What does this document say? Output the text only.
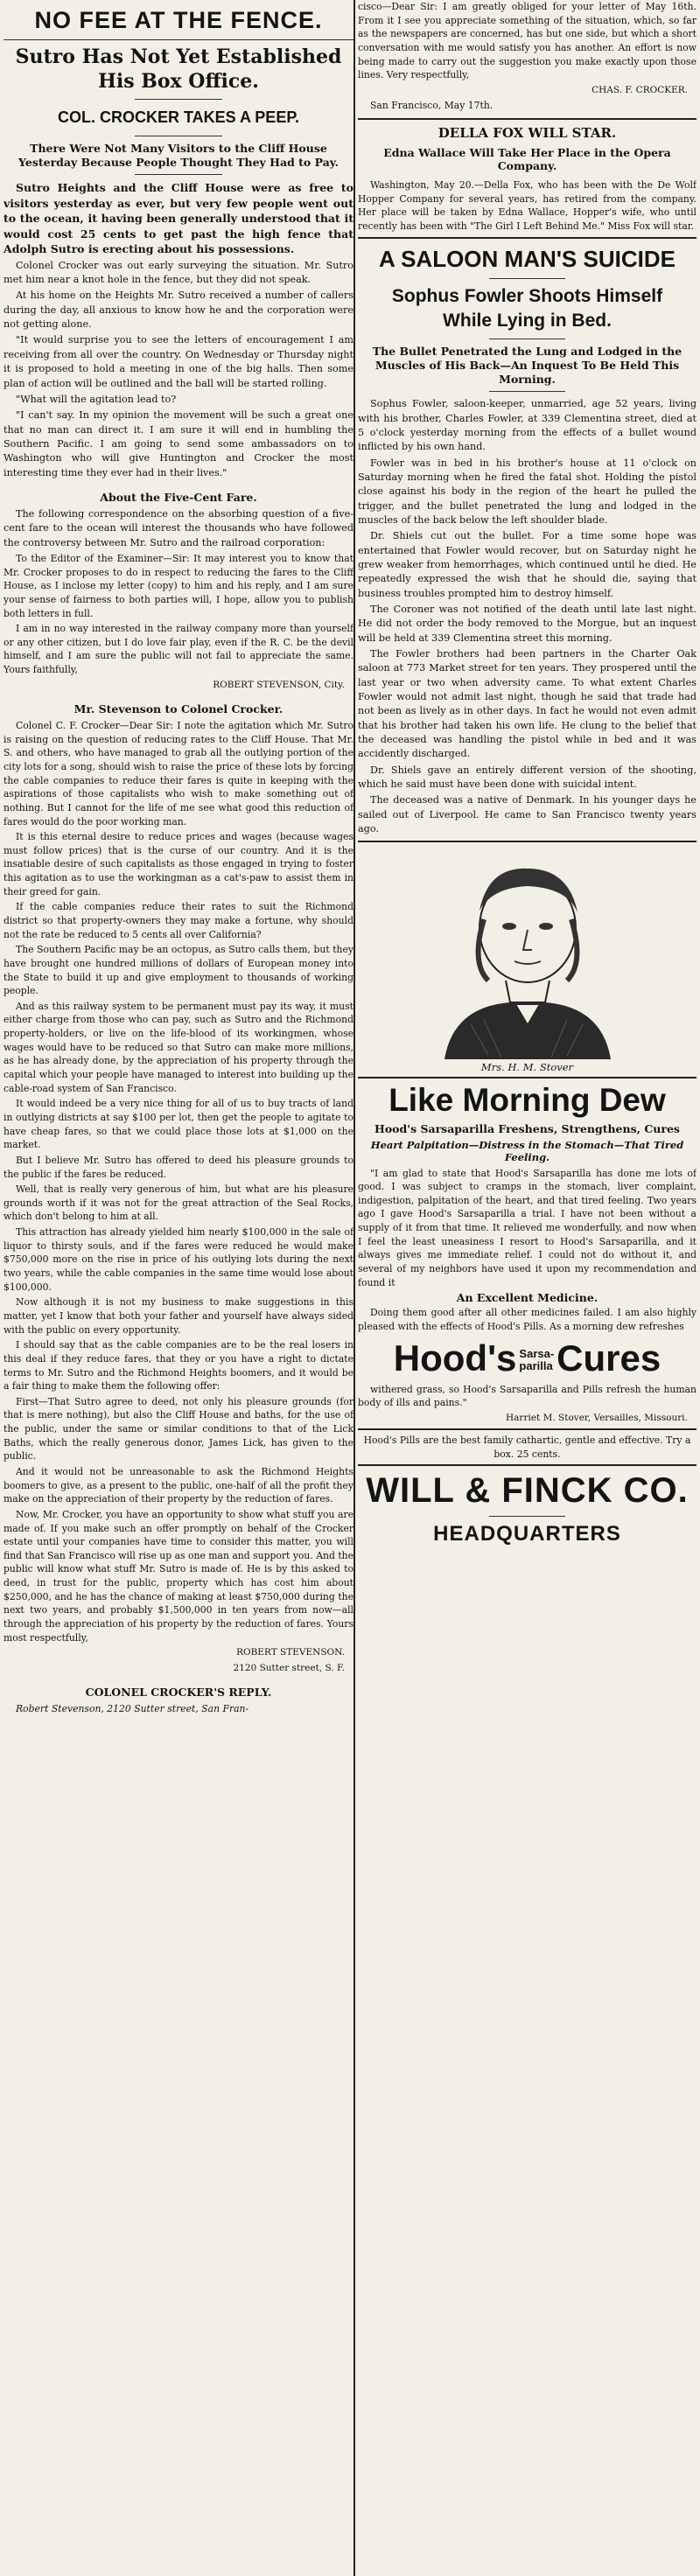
NO FEE AT THE FENCE.
Sutro Has Not Yet Established His Box Office.
COL. CROCKER TAKES A PEEP.
There Were Not Many Visitors to the Cliff House Yesterday Because People Thought They Had to Pay.

Sutro Heights and the Cliff House were as free to visitors yesterday as ever, but very few people went out to the ocean, it having been generally understood that it would cost 25 cents to get past the high fence that Adolph Sutro is erecting about his possessions.

Colonel Crocker was out early surveying the situation. Mr. Sutro met him near a knot hole in the fence, but they did not speak.

At his home on the Heights Mr. Sutro received a number of callers during the day, all anxious to know how he and the corporation were not getting alone.

"It would surprise you to see the letters of encouragement I am receiving from all over the country. On Wednesday or Thursday night it is proposed to hold a meeting in one of the big halls. Then some plan of action will be outlined and the ball will be started rolling.

"What will the agitation lead to?

"I can't say. In my opinion the movement will be such a great one that no man can direct it. I am sure it will end in humbling the Southern Pacific. I am going to send some ambassadors on to Washington who will give Huntington and Crocker the most interesting time they ever had in their lives."

About the Five-Cent Fare.

The following correspondence on the absorbing question of a five-cent fare to the ocean will interest the thousands who have followed the controversy between Mr. Sutro and the railroad corporation:

To the Editor of the Examiner—Sir: It may interest you to know that Mr. Crocker proposes to do in respect to reducing the fares to the Cliff House, as I inclose my letter (copy) to him and his reply, and I am sure your sense of fairness to both parties will, I hope, allow you to publish both letters in full.

I am in no way interested in the railway company more than yourself or any other citizen, but I do love fair play, even if the R. C. be the devil himself, and I am sure the public will not fail to appreciate the same. Yours faithfully,

ROBERT STEVENSON, City.

Mr. Stevenson to Colonel Crocker.

Colonel C. F. Crocker—Dear Sir: I note the agitation which Mr. Sutro is raising on the question of reducing rates to the Cliff House. That Mr. S. and others, who have managed to grab all the outlying portion of the city lots for a song, should wish to raise the price of these lots by forcing the cable companies to reduce their fares is quite in keeping with the aspirations of those capitalists who wish to make something out of nothing. But I cannot for the life of me see what good this reduction of fares would do the poor working man.

It is this eternal desire to reduce prices and wages (because wages must follow prices) that is the curse of our country. And it is the insatiable desire of such capitalists as those engaged in trying to foster this agitation as to use the workingman as a cat's-paw to assist them in their greed for gain.

If the cable companies reduce their rates to suit the Richmond district so that property-owners they may make a fortune, why should not the rate be reduced to 5 cents all over California?

The Southern Pacific may be an octopus, as Sutro calls them, but they have brought one hundred millions of dollars of European money into the State to build it up and give employment to thousands of working people.

And as this railway system to be permanent must pay its way, it must either charge from those who can pay, such as Sutro and the Richmond property-holders, or live on the life-blood of its workingmen, whose wages would have to be reduced so that Sutro can make more millions, as he has already done, by the appreciation of his property through the capital which your people have managed to interest into building up the cable-road system of San Francisco.

It would indeed be a very nice thing for all of us to buy tracts of land in outlying districts at say $100 per lot, then get the people to agitate to have cheap fares, so that we could place those lots at $1,000 on the market.

But I believe Mr. Sutro has offered to deed his pleasure grounds to the public if the fares be reduced.

Well, that is really very generous of him, but what are his pleasure grounds worth if it was not for the great attraction of the Seal Rocks, which don't belong to him at all.

This attraction has already yielded him nearly $100,000 in the sale of liquor to thirsty souls, and if the fares were reduced he would make $750,000 more on the rise in price of his outlying lots during the next two years, while the cable companies in the same time would lose about $100,000.

Now although it is not my business to make suggestions in this matter, yet I know that both your father and yourself have always sided with the public on every opportunity.

I should say that as the cable companies are to be the real losers in this deal if they reduce fares, that they or you have a right to dictate terms to Mr. Sutro and the Richmond Heights boomers, and it would be a fair thing to make them the following offer:

First—That Sutro agree to deed, not only his pleasure grounds (for that is mere nothing), but also the Cliff House and baths, for the use of the public, under the same or similar conditions to that of the Lick Baths, which the really generous donor, James Lick, has given to the public.

And it would not be unreasonable to ask the Richmond Heights boomers to give, as a present to the public, one-half of all the profit they make on the appreciation of their property by the reduction of fares.

Now, Mr. Crocker, you have an opportunity to show what stuff you are made of. If you make such an offer promptly on behalf of the Crocker estate until your companies have time to consider this matter, you will find that San Francisco will rise up as one man and support you. And the public will know what stuff Mr. Sutro is made of. He is by this asked to deed, in trust for the public, property which has cost him about $250,000, and he has the chance of making at least $750,000 during the next two years, and probably $1,500,000 in ten years from now—all through the appreciation of his property by the reduction of fares. Yours most respectfully,

ROBERT STEVENSON.

2120 Sutter street, S. F.

COLONEL CROCKER'S REPLY.

Robert Stevenson, 2120 Sutter street, San Fran-

cisco—Dear Sir: I am greatly obliged for your letter of May 16th. From it I see you appreciate something of the situation, which, so far as the newspapers are concerned, has but one side, but which a short conversation with me would satisfy you has another. An effort is now being made to carry out the suggestion you make exactly upon those lines. Very respectfully,

CHAS. F. CROCKER.

San Francisco, May 17th.

DELLA FOX WILL STAR.
Edna Wallace Will Take Her Place in the Opera Company.

Washington, May 20.—Della Fox, who has been with the De Wolf Hopper Company for several years, has retired from the company. Her place will be taken by Edna Wallace, Hopper's wife, who until recently has been with "The Girl I Left Behind Me." Miss Fox will star.

A SALOON MAN'S SUICIDE
Sophus Fowler Shoots Himself While Lying in Bed.
The Bullet Penetrated the Lung and Lodged in the Muscles of His Back—An Inquest To Be Held This Morning.

Sophus Fowler, saloon-keeper, unmarried, age 52 years, living with his brother, Charles Fowler, at 339 Clementina street, died at 5 o'clock yesterday morning from the effects of a bullet wound inflicted by his own hand.

Fowler was in bed in his brother's house at 11 o'clock on Saturday morning when he fired the fatal shot. Holding the pistol close against his body in the region of the heart he pulled the trigger, and the bullet penetrated the lung and lodged in the muscles of the back below the left shoulder blade.

Dr. Shiels cut out the bullet. For a time some hope was entertained that Fowler would recover, but on Saturday night he grew weaker from hemorrhages, which continued until he died. He repeatedly expressed the wish that he should die, saying that business troubles prompted him to destroy himself.

The Coroner was not notified of the death until late last night. He did not order the body removed to the Morgue, but an inquest will be held at 339 Clementina street this morning.

The Fowler brothers had been partners in the Charter Oak saloon at 773 Market street for ten years. They prospered until the last year or two when adversity came. To what extent Charles Fowler would not admit last night, though he said that trade had not been as lively as in other days. In fact he would not even admit that his brother had taken his own life. He clung to the belief that the deceased was handling the pistol while in bed and it was accidently discharged.

Dr. Shiels gave an entirely different version of the shooting, which he said must have been done with suicidal intent.

The deceased was a native of Denmark. In his younger days he sailed out of Liverpool. He came to San Francisco twenty years ago.

Mrs. H. M. Stover
Like Morning Dew
Hood's Sarsaparilla Freshens, Strengthens, Cures
Heart Palpitation—Distress in the Stomach—That Tired Feeling.

"I am glad to state that Hood's Sarsaparilla has done me lots of good. I was subject to cramps in the stomach, liver complaint, indigestion, palpitation of the heart, and that tired feeling. Two years ago I gave Hood's Sarsaparilla a trial. I have not been without a supply of it from that time. It relieved me wonderfully, and now when I feel the least uneasiness I resort to Hood's Sarsaparilla, and it always gives me immediate relief. I could not do without it, and several of my neighbors have used it upon my recommendation and found it

An Excellent Medicine.

Doing them good after all other medicines failed. I am also highly pleased with the effects of Hood's Pills. As a morning dew refreshes

Hood's Sarsa-
parilla Cures

withered grass, so Hood's Sarsaparilla and Pills refresh the human body of ills and pains."

Harriet M. Stover, Versailles, Missouri.

Hood's Pills are the best family cathartic, gentle and effective. Try a box. 25 cents.

WILL & FINCK CO.
HEADQUARTERS
